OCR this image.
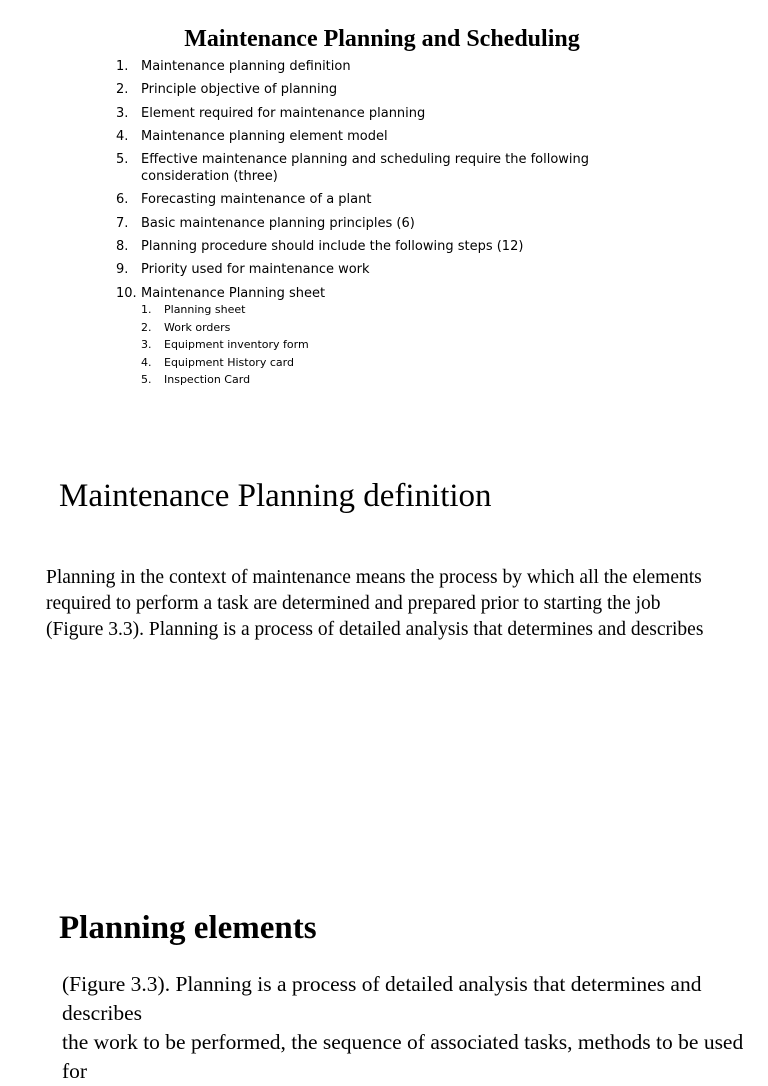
Maintenance Planning and Scheduling
1. Maintenance planning definition
2. Principle objective of planning
3. Element required for maintenance planning
4. Maintenance planning element model
5. Effective maintenance planning and scheduling require the following consideration (three)
6. Forecasting maintenance of a plant
7. Basic maintenance planning principles (6)
8. Planning procedure should include the following steps (12)
9. Priority used for maintenance work
10. Maintenance Planning sheet
1.	Planning sheet
2.	Work orders
3.	Equipment inventory form
4.	Equipment History card
5.	Inspection Card
Maintenance Planning definition

Planning in the context of maintenance means the process by which all the elements
required to perform a task are determined and prepared prior to starting the job
(Figure 3.3). Planning is a process of detailed analysis that determines and describes

Planning elements

(Figure 3.3). Planning is a process of detailed analysis that determines and describes
the work to be performed, the sequence of associated tasks, methods to be used for
